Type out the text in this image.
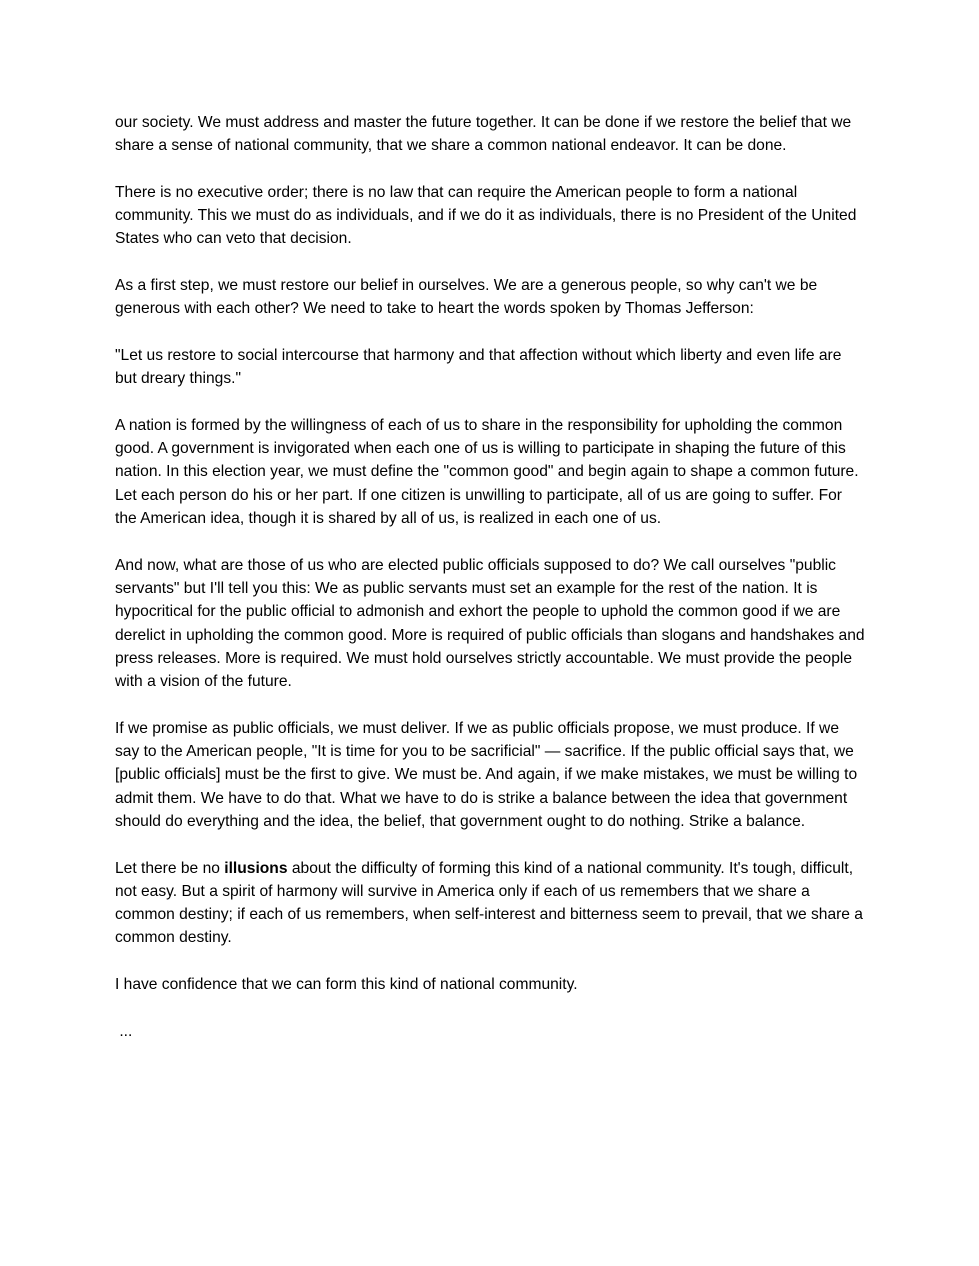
our society. We must address and master the future together. It can be done if we restore the belief that we share a sense of national community, that we share a common national endeavor. It can be done.

There is no executive order; there is no law that can require the American people to form a national community. This we must do as individuals, and if we do it as individuals, there is no President of the United States who can veto that decision.

As a first step, we must restore our belief in ourselves. We are a generous people, so why can't we be generous with each other? We need to take to heart the words spoken by Thomas Jefferson:

"Let us restore to social intercourse that harmony and that affection without which liberty and even life are but dreary things."

A nation is formed by the willingness of each of us to share in the responsibility for upholding the common good. A government is invigorated when each one of us is willing to participate in shaping the future of this nation. In this election year, we must define the "common good" and begin again to shape a common future. Let each person do his or her part. If one citizen is unwilling to participate, all of us are going to suffer. For the American idea, though it is shared by all of us, is realized in each one of us.

And now, what are those of us who are elected public officials supposed to do? We call ourselves "public servants" but I'll tell you this: We as public servants must set an example for the rest of the nation. It is hypocritical for the public official to admonish and exhort the people to uphold the common good if we are derelict in upholding the common good. More is required of public officials than slogans and handshakes and press releases. More is required. We must hold ourselves strictly accountable. We must provide the people with a vision of the future.

If we promise as public officials, we must deliver. If we as public officials propose, we must produce. If we say to the American people, "It is time for you to be sacrificial" — sacrifice. If the public official says that, we [public officials] must be the first to give. We must be. And again, if we make mistakes, we must be willing to admit them. We have to do that. What we have to do is strike a balance between the idea that government should do everything and the idea, the belief, that government ought to do nothing. Strike a balance.

Let there be no illusions about the difficulty of forming this kind of a national community. It's tough, difficult, not easy. But a spirit of harmony will survive in America only if each of us remembers that we share a common destiny; if each of us remembers, when self-interest and bitterness seem to prevail, that we share a common destiny.

I have confidence that we can form this kind of national community.

...
